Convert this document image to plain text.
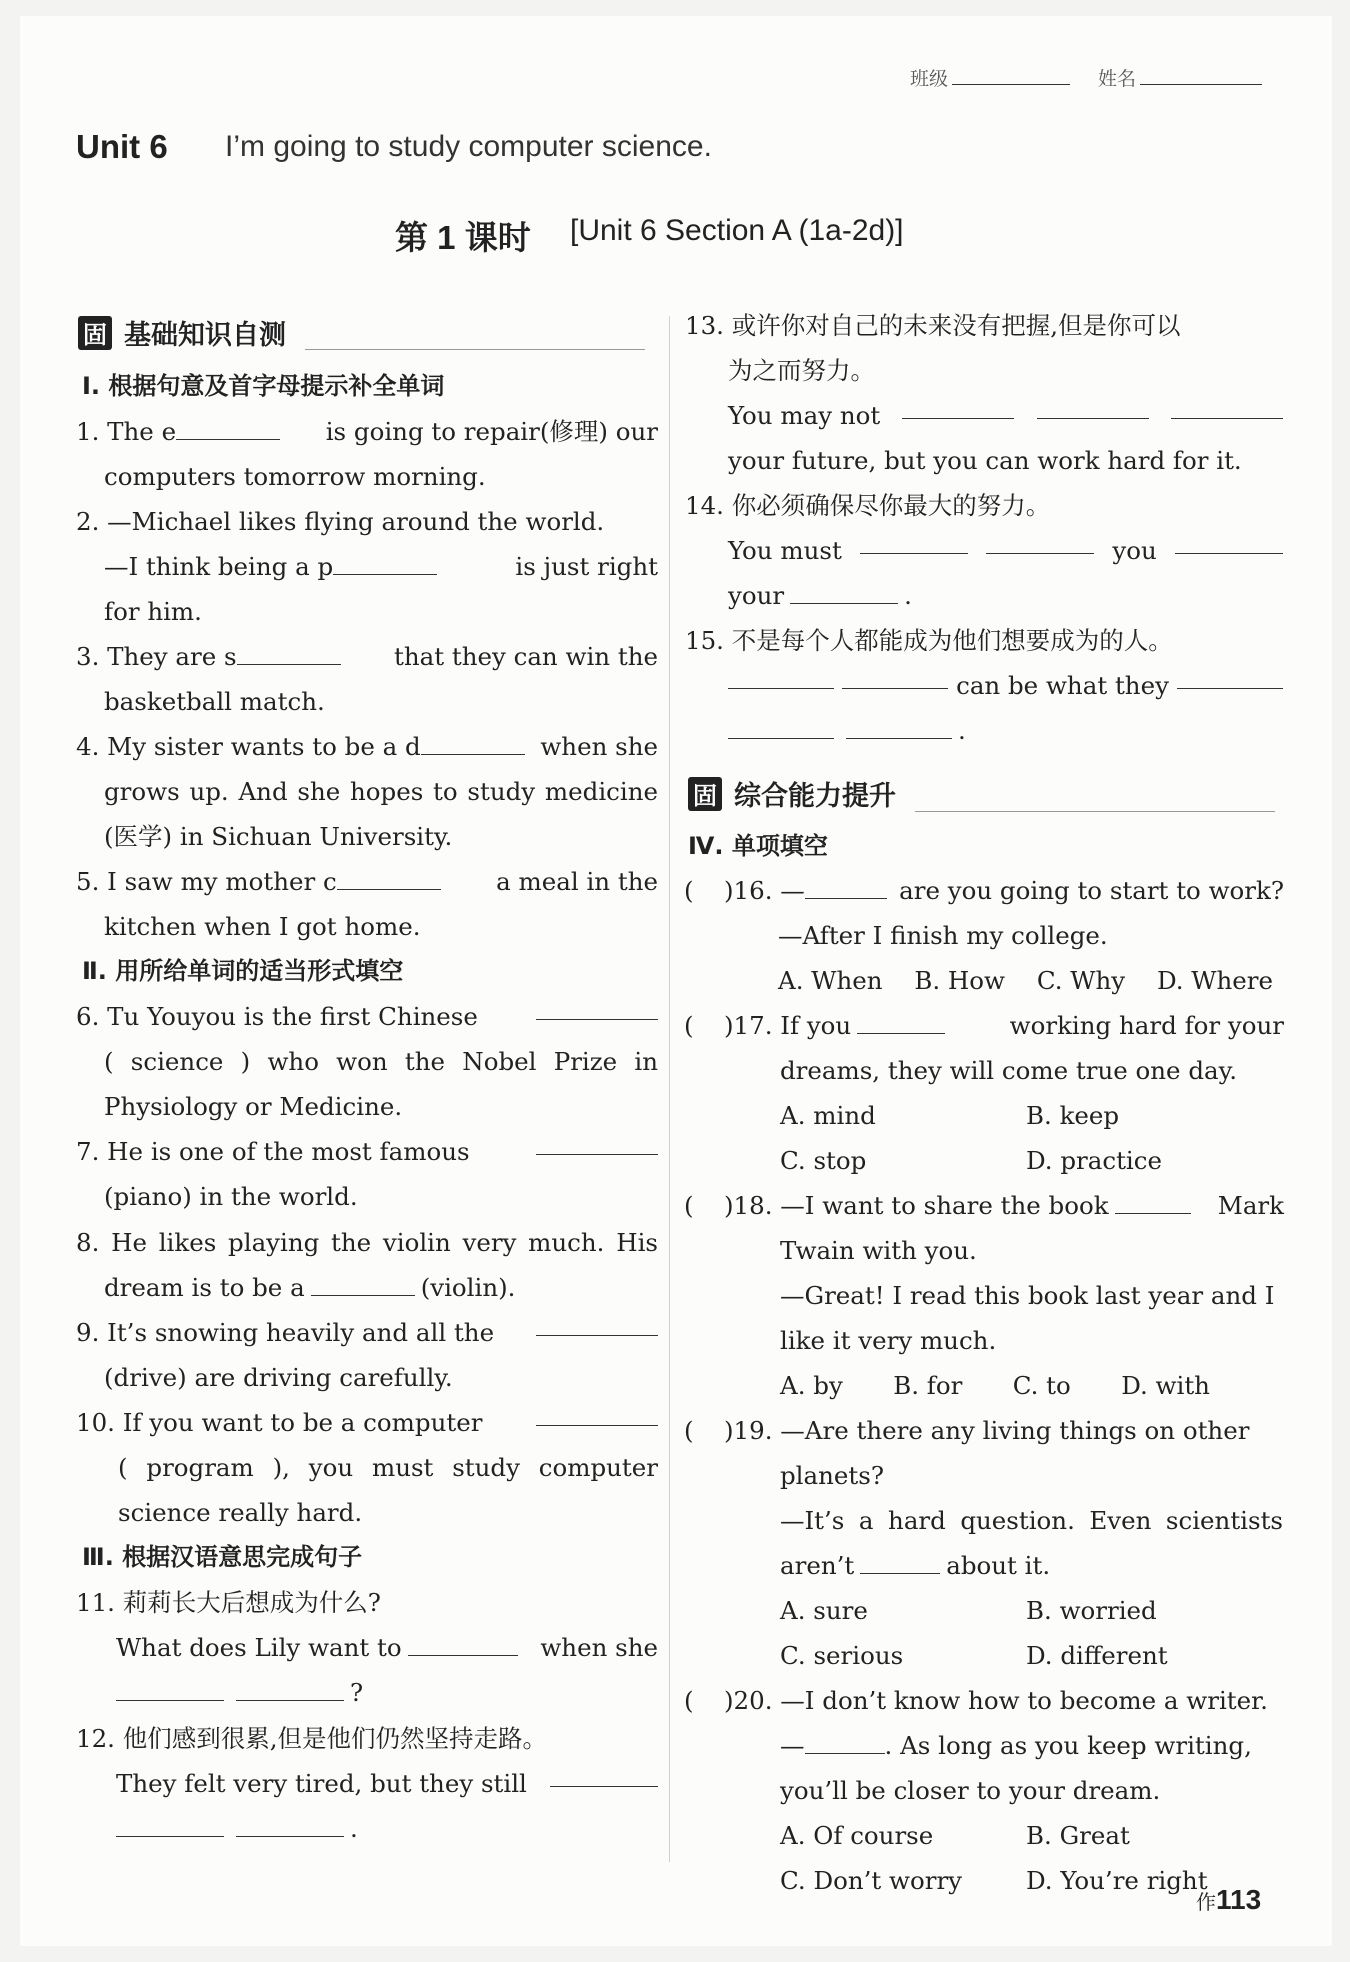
班级	姓名
Unit 6 I’m going to study computer science.
第 1 课时 [Unit 6 Section A (1a-2d)]
固 基础知识自测
Ⅰ. 根据句意及首字母提示补全单词
1. The e	is going to repair(修理) our
computers tomorrow morning.
2. —Michael likes flying around the world.
—I think being a p	is just right
for him.
3. They are s	that they can win the
basketball match.
4. My sister wants to be a d	when she
grows up. And she hopes to study medicine
(医学) in Sichuan University.
5. I saw my mother c	a meal in the
kitchen when I got home.
Ⅱ. 用所给单词的适当形式填空
6. Tu Youyou is the first Chinese
( science ) who won the Nobel Prize in
Physiology or Medicine.
7. He is one of the most famous
(piano) in the world.
8. He likes playing the violin very much. His
dream is to be a	(violin).
9. It’s snowing heavily and all the
(drive) are driving carefully.
10. If you want to be a computer
( program ), you must study computer
science really hard.
Ⅲ. 根据汉语意思完成句子
11. 莉莉长大后想成为什么?
What does Lily want to	when she
?
12. 他们感到很累,但是他们仍然坚持走路。
They felt very tired, but they still
.
13. 或许你对自己的未来没有把握,但是你可以
为之而努力。
You may not
your future, but you can work hard for it.
14. 你必须确保尽你最大的努力。
You must	you
your	.
15. 不是每个人都能成为他们想要成为的人。
can be what they
.
固 综合能力提升
Ⅳ. 单项填空
( )16. —	are you going to start to work?
—After I finish my college.
A. When B. How C. Why D. Where
( )17. If you	working hard for your
dreams, they will come true one day.
A. mind	B. keep
C. stop	D. practice
( )18. —I want to share the book	Mark
Twain with you.
—Great! I read this book last year and I
like it very much.
A. by B. for C. to D. with
( )19. —Are there any living things on other
planets?
—It’s a hard question. Even scientists
aren’t	about it.
A. sure	B. worried
C. serious	D. different
( )20. —I don’t know how to become a writer.
—	. As long as you keep writing,
you’ll be closer to your dream.
A. Of course	B. Great
C. Don’t worry	D. You’re right
作113
